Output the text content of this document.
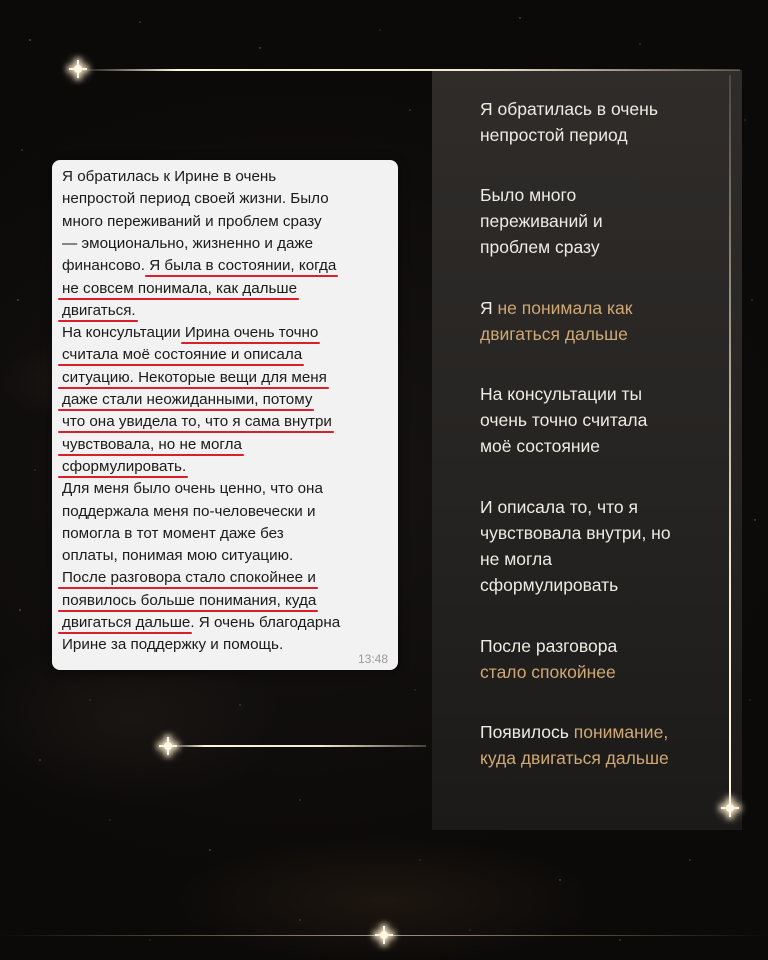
Я обратилась к Ирине в очень
непростой период своей жизни. Было
много переживаний и проблем сразу
— эмоционально, жизненно и даже
финансово. Я была в состоянии, когда
не совсем понимала, как дальше
двигаться.
На консультации Ирина очень точно
считала моё состояние и описала
ситуацию. Некоторые вещи для меня
даже стали неожиданными, потому
что она увидела то, что я сама внутри
чувствовала, но не могла
сформулировать.
Для меня было очень ценно, что она
поддержала меня по-человечески и
помогла в тот момент даже без
оплаты, понимая мою ситуацию.
После разговора стало спокойнее и
появилось больше понимания, куда
двигаться дальше
. Я очень благодарна
Ирине за поддержку и помощь.
13:48
Я обратилась в очень
непростой период
Было много
переживаний и
проблем сразу
Я не понимала как
двигаться дальше
На консультации ты
очень точно считала
моё состояние
И описала то, что я
чувствовала внутри, но
не могла
сформулировать
После разговора
стало спокойнее
Появилось понимание,
куда двигаться дальше
